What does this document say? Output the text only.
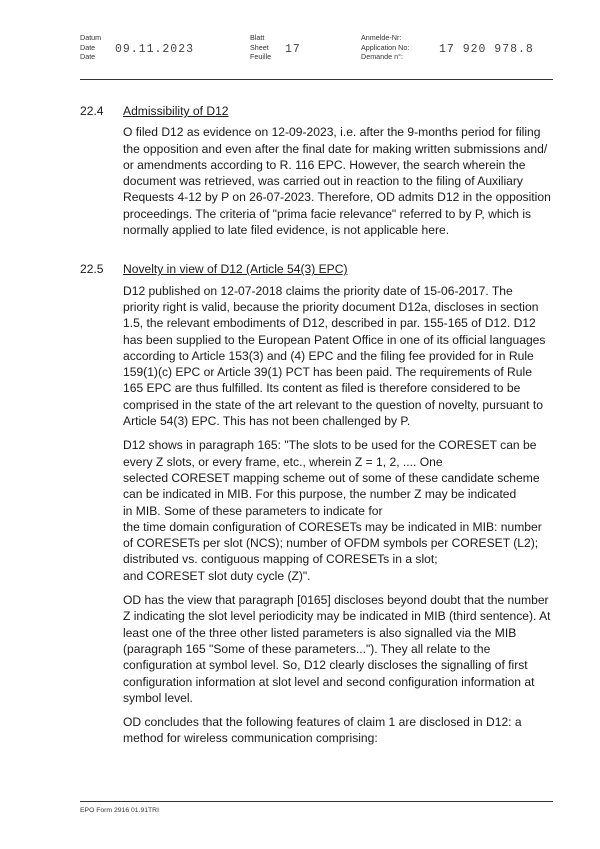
Datum
Date
Date
09.11.2023
Blatt
Sheet
Feuille
17
Anmelde-Nr:
Application No:
Demande n°:
17 920 978.8
22.4	Admissibility of D12
O filed D12 as evidence on 12-09-2023, i.e. after the 9-months period for filing
the opposition and even after the final date for making written submissions and/
or amendments according to R. 116 EPC. However, the search wherein the
document was retrieved, was carried out in reaction to the filing of Auxiliary
Requests 4-12 by P on 26-07-2023. Therefore, OD admits D12 in the opposition
proceedings. The criteria of "prima facie relevance" referred to by P, which is
normally applied to late filed evidence, is not applicable here.
22.5	Novelty in view of D12 (Article 54(3) EPC)
D12 published on 12-07-2018 claims the priority date of 15-06-2017. The
priority right is valid, because the priority document D12a, discloses in section
1.5, the relevant embodiments of D12, described in par. 155-165 of D12. D12
has been supplied to the European Patent Office in one of its official languages
according to Article 153(3) and (4) EPC and the filing fee provided for in Rule
159(1)(c) EPC or Article 39(1) PCT has been paid. The requirements of Rule
165 EPC are thus fulfilled. Its content as filed is therefore considered to be
comprised in the state of the art relevant to the question of novelty, pursuant to
Article 54(3) EPC. This has not been challenged by P.
D12 shows in paragraph 165: "The slots to be used for the CORESET can be
every Z slots, or every frame, etc., wherein Z = 1, 2, .... One
selected CORESET mapping scheme out of some of these candidate scheme
can be indicated in MIB. For this purpose, the number Z may be indicated
in MIB. Some of these parameters to indicate for
the time domain configuration of CORESETs may be indicated in MIB: number
of CORESETs per slot (NCS); number of OFDM symbols per CORESET (L2);
distributed vs. contiguous mapping of CORESETs in a slot;
and CORESET slot duty cycle (Z)".
OD has the view that paragraph [0165] discloses beyond doubt that the number
Z indicating the slot level periodicity may be indicated in MIB (third sentence). At
least one of the three other listed parameters is also signalled via the MIB
(paragraph 165 "Some of these parameters..."). They all relate to the
configuration at symbol level. So, D12 clearly discloses the signalling of first
configuration information at slot level and second configuration information at
symbol level.
OD concludes that the following features of claim 1 are disclosed in D12: a
method for wireless communication comprising:
EPO Form 2916 01.91TRI
